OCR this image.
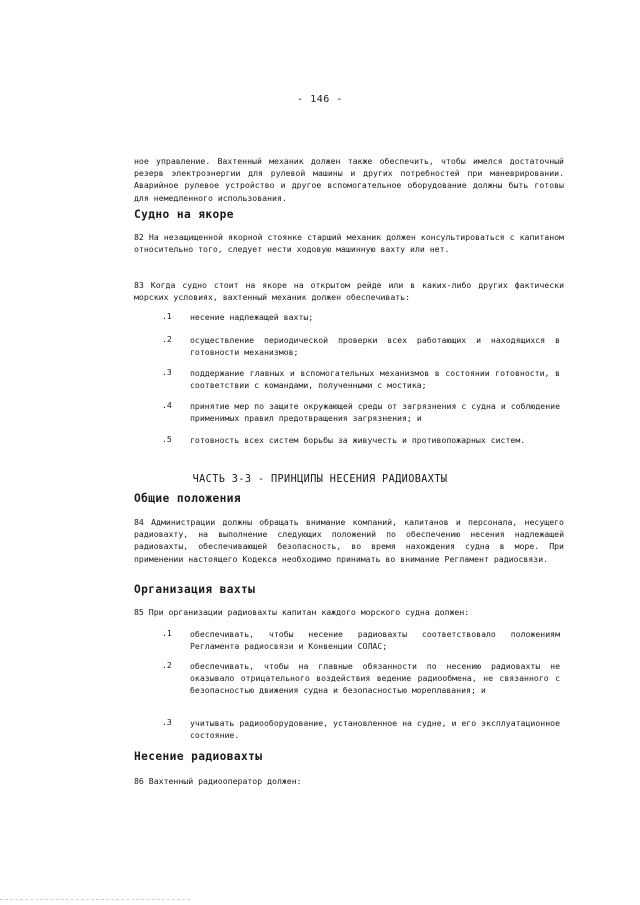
- 146 -
ное управление. Вахтенный механик должен также обеспечить, чтобы имелся достаточный резерв электроэнергии для рулевой машины и других потребностей при маневрировании. Аварийное рулевое устройство и другое вспомогательное оборудование должны быть готовы для немедленного использования.
Судно на якоре
82 На незащищенной якорной стоянке старший механик должен консультироваться с капитаном относительно того, следует нести ходовую машинную вахту или нет.
83 Когда судно стоит на якоре на открытом рейде или в каких-либо других фактически морских условиях, вахтенный механик должен обеспечивать:
.1 несение надлежащей вахты;
.2 осуществление периодической проверки всех работающих и находящихся в готовности механизмов;
.3 поддержание главных и вспомогательных механизмов в состоянии готовности, в соответствии с командами, полученными с мостика;
.4 принятие мер по защите окружающей среды от загрязнения с судна и соблюдение применимых правил предотвращения загрязнения; и
.5 готовность всех систем борьбы за живучесть и противопожарных систем.
ЧАСТЬ 3-3 - ПРИНЦИПЫ НЕСЕНИЯ РАДИОВАХТЫ
Общие положения
84 Администрации должны обращать внимание компаний, капитанов и персонала, несущего радиовахту, на выполнение следующих положений по обеспечению несения надлежащей радиовахты, обеспечивающей безопасность, во время нахождения судна в море. При применении настоящего Кодекса необходимо принимать во внимание Регламент радиосвязи.
Организация вахты
85 При организации радиовахты капитан каждого морского судна должен:
.1 обеспечивать, чтобы несение радиовахты соответствовало положениям Регламента радиосвязи и Конвенции СОЛАС;
.2 обеспечивать, чтобы на главные обязанности по несению радиовахты не оказывало отрицательного воздействия ведение радиообмена, не связанного с безопасностью движения судна и безопасностью мореплавания; и
.3 учитывать радиооборудование, установленное на судне, и его эксплуатационное состояние.
Несение радиовахты
86 Вахтенный радиооператор должен:
